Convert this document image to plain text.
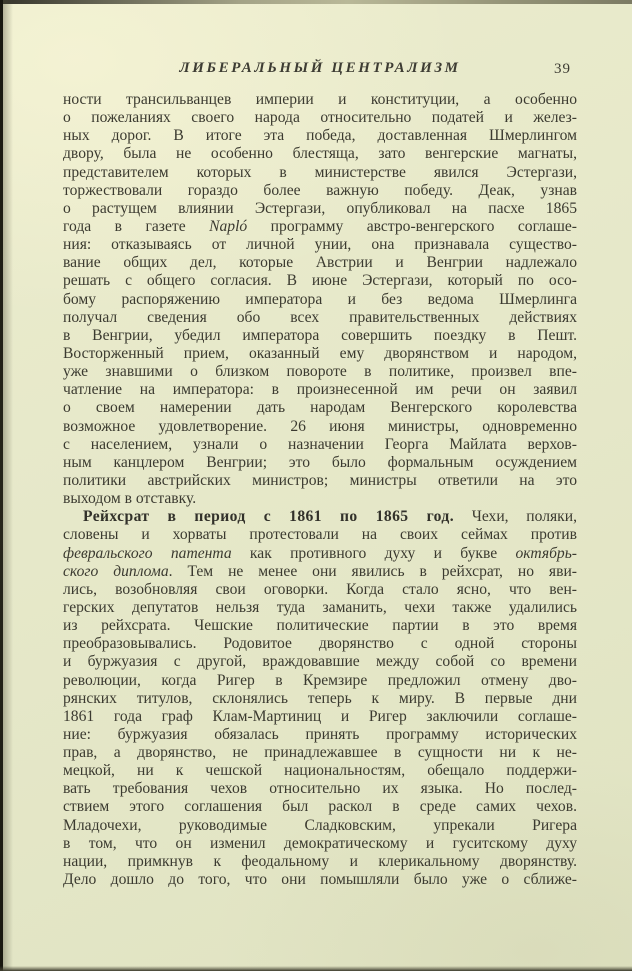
ЛИБЕРАЛЬНЫЙ ЦЕНТРАЛИЗМ	39
ности трансильванцев империи и конституции, а особенно
о пожеланиях своего народа относительно податей и желез-
ных дорог. В итоге эта победа, доставленная Шмерлингом
двору, была не особенно блестяща, зато венгерские магнаты,
представителем которых в министерстве явился Эстергази,
торжествовали гораздо более важную победу. Деак, узнав
о растущем влиянии Эстергази, опубликовал на пасхе 1865
года в газете Napló программу австро-венгерского соглаше-
ния: отказываясь от личной унии, она признавала существо-
вание общих дел, которые Австрии и Венгрии надлежало
решать с общего согласия. В июне Эстергази, который по осо-
бому распоряжению императора и без ведома Шмерлинга
получал сведения обо всех правительственных действиях
в Венгрии, убедил императора совершить поездку в Пешт.
Восторженный прием, оказанный ему дворянством и народом,
уже знавшими о близком повороте в политике, произвел впе-
чатление на императора: в произнесенной им речи он заявил
о своем намерении дать народам Венгерского королевства
возможное удовлетворение. 26 июня министры, одновременно
с населением, узнали о назначении Георга Майлата верхов-
ным канцлером Венгрии; это было формальным осуждением
политики австрийских министров; министры ответили на это
выходом в отставку.
Рейхсрат в период с 1861 по 1865 год. Чехи, поляки,
словены и хорваты протестовали на своих сеймах против
февральского патента как противного духу и букве октябрь-
ского диплома. Тем не менее они явились в рейхсрат, но яви-
лись, возобновляя свои оговорки. Когда стало ясно, что вен-
герских депутатов нельзя туда заманить, чехи также удалились
из рейхсрата. Чешские политические партии в это время
преобразовывались. Родовитое дворянство с одной стороны
и буржуазия с другой, враждовавшие между собой со времени
революции, когда Ригер в Кремзире предложил отмену дво-
рянских титулов, склонялись теперь к миру. В первые дни
1861 года граф Клам-Мартиниц и Ригер заключили соглаше-
ние: буржуазия обязалась принять программу исторических
прав, а дворянство, не принадлежавшее в сущности ни к не-
мецкой, ни к чешской национальностям, обещало поддержи-
вать требования чехов относительно их языка. Но послед-
ствием этого соглашения был раскол в среде самих чехов.
Младочехи, руководимые Сладковским, упрекали Ригера
в том, что он изменил демократическому и гуситскому духу
нации, примкнув к феодальному и клерикальному дворянству.
Дело дошло до того, что они помышляли было уже о сближе-
